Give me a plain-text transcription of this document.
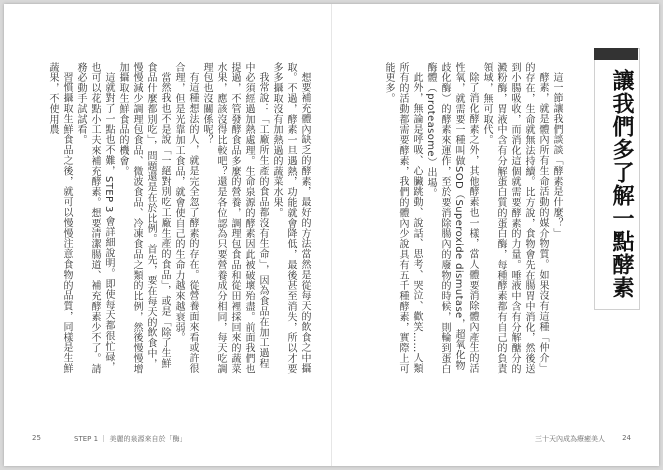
想要補充體內缺乏的酵素，最好的方法當然是從每天的飲食之中攝取。不過，酵素一旦遇熱，功能就會降低，最後甚至消失，所以才要多多攝取沒有加熱過的蔬菜水果。

我常說：「工廠所生產的食品都沒有生命」，因為食品在加工過程中必須經過加熱處理。生命泉源的酵素因此被破壞殆盡。前面我們也提過，不管發酵食品多麼的營養，調理包食品和從田裡採回來的蔬菜水果，應該沒得比較吧？還是各位認為只要營養成分相同，每天吃調理包也沒關係呢？

有這種想法的人，就是完全忽了酵素的存在。從營養面來看或許很合理，但是光靠加工食品，就會使自己的生命力越來越衰弱。

當然我也不是說「一絕對別吃工廠生產的食品」，或是「除了生鮮食品什麼都別吃」，問題還是在於比例。首先，要在每天的飲食中，慢慢減少調理包食品、微波食品、冷凍食品之類的比例，然後慢慢增加攝取生鮮食品的機會。

這就對了一點也不難，STEP 3 會詳細說明。即使每天都很忙碌，也可以花點小工夫來補充酵素。想要清潔腸道、補充酵素少不了。請務必動手試試看。

習慣攝取生鮮食品之後，就可以慢慢注意食物的品質，同樣是生鮮蔬果，不使用農

25	STEP 1 ｜ 美麗的泉源來自於「酶」

這一節讓我們談談「酵素是什麼？」

酵素，就是體內所有生命活動的媒介物質。如果沒有這種「仲介」的存在，生命就無法持續。比方說，食物會先在腸胃中消化，然後送到小腸吸收，而消化這個就需要酵素的力量。唾液中含有分解醣分的澱粉酶，胃液中含有分解蛋白質的蛋白酶，每種酵素都有自己的負責領域，無可取代。

除了消化酵素之外，其他酵素也一樣，當人體要消除體內產生的活性氧，就需要一種叫做SOD（Superoxide dismutase，超氧化物歧化酶）的酵素來運作，至於要消除腸內的廢物的時候，則輪到蛋白酶體（proteasome）出場。

此外，無論是呼吸、心臟跳動、說話、思考、哭泣、歡笑……人類所有的活動都需要酵素，我們的體內少說具有五千種酵素，實際上可能更多。	讓我們多了解一點酵素
三十天內成為療癒美人 24
